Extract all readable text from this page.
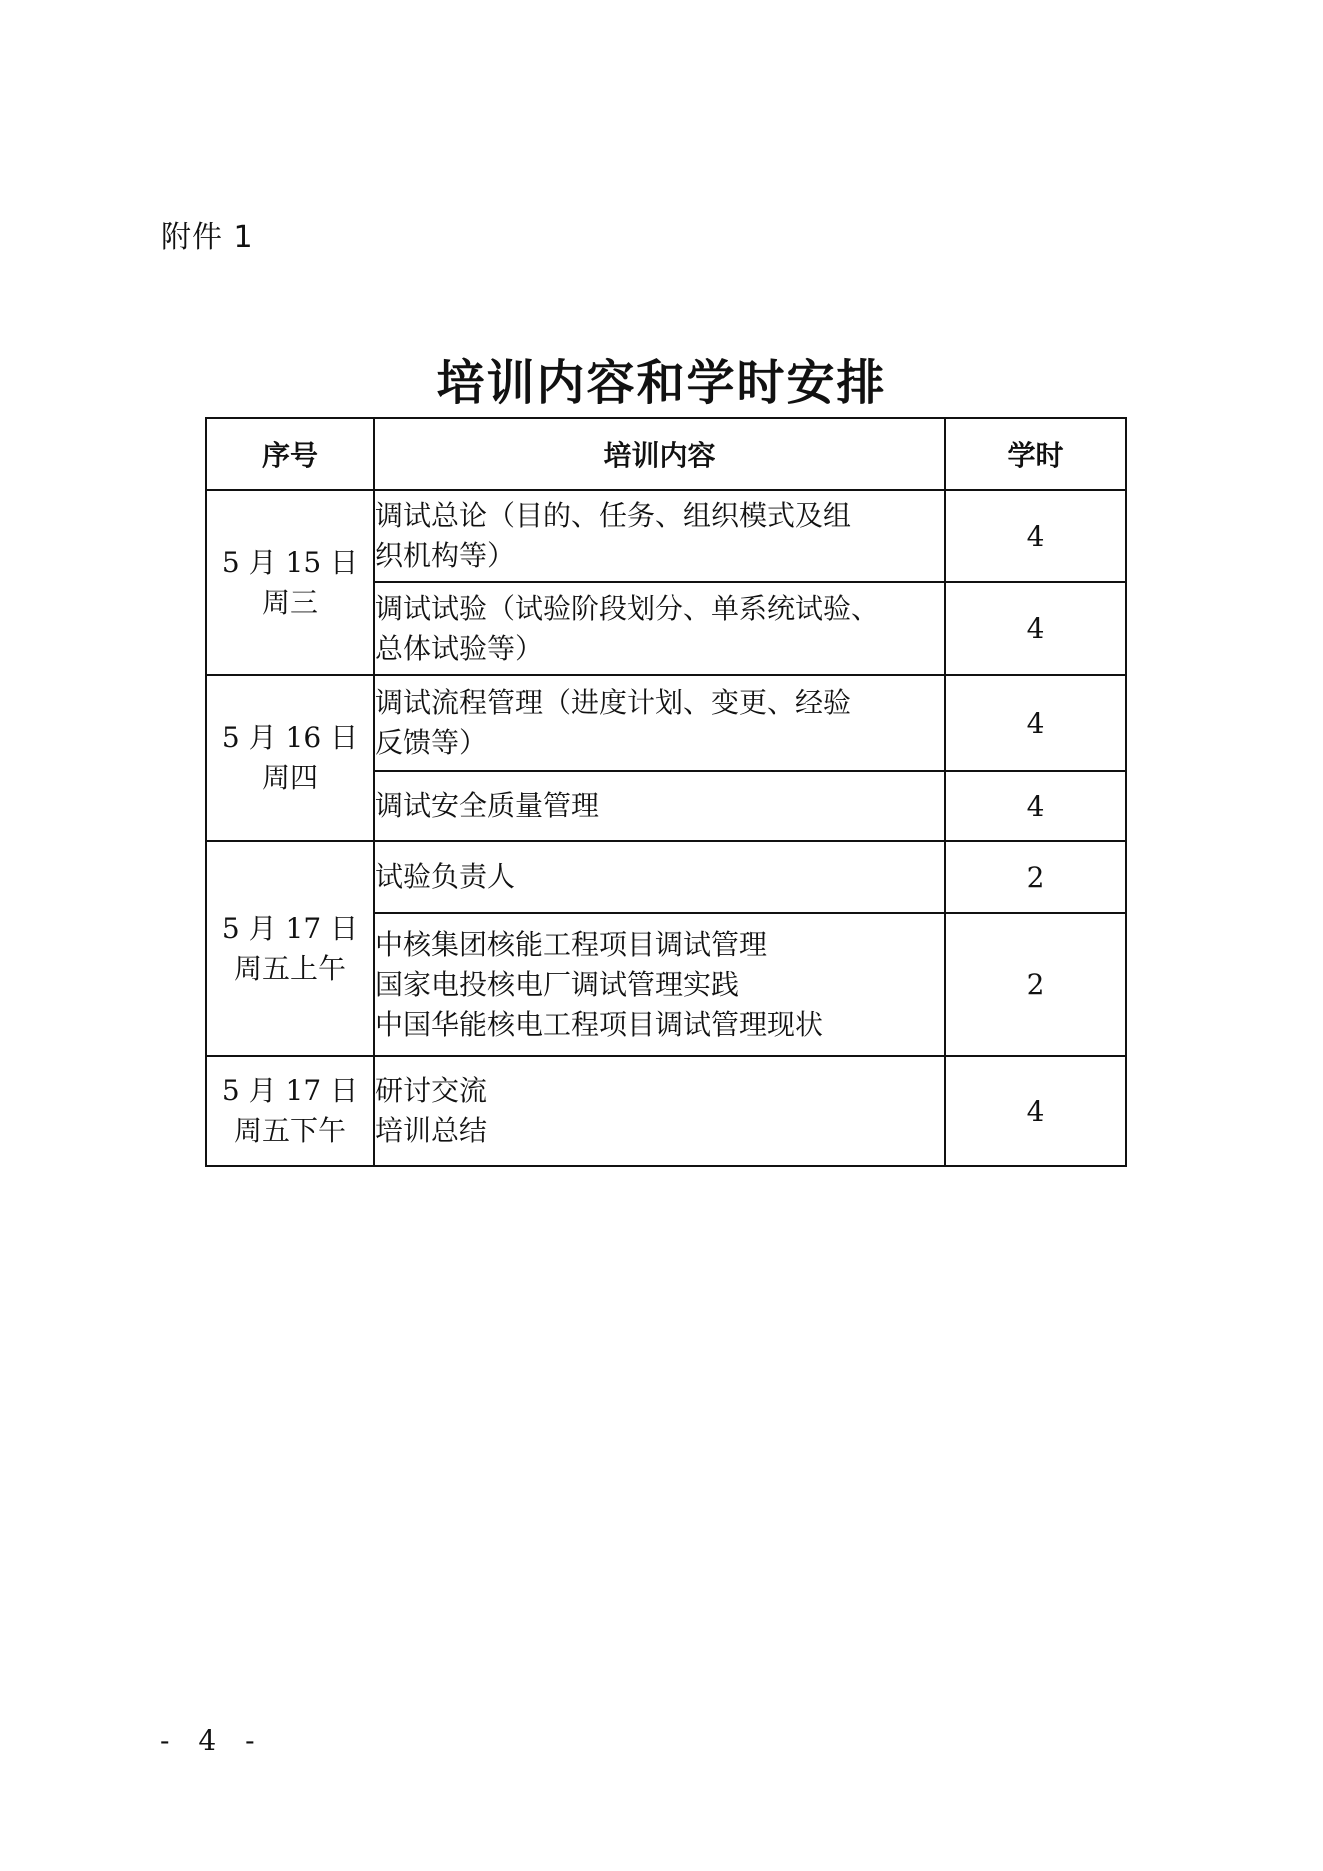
附件 1
培训内容和学时安排
序号	培训内容	学时

5 月 15 日
周三	调试总论（目的、任务、组织模式及组
织机构等）	4

	调试试验（试验阶段划分、单系统试验、
总体试验等）	4

5 月 16 日
周四	调试流程管理（进度计划、变更、经验
反馈等）	4

	调试安全质量管理	4

5 月 17 日
周五上午	试验负责人	2

	中核集团核能工程项目调试管理
国家电投核电厂调试管理实践
中国华能核电工程项目调试管理现状	2

5 月 17 日
周五下午	研讨交流
培训总结	4
- 4 -
